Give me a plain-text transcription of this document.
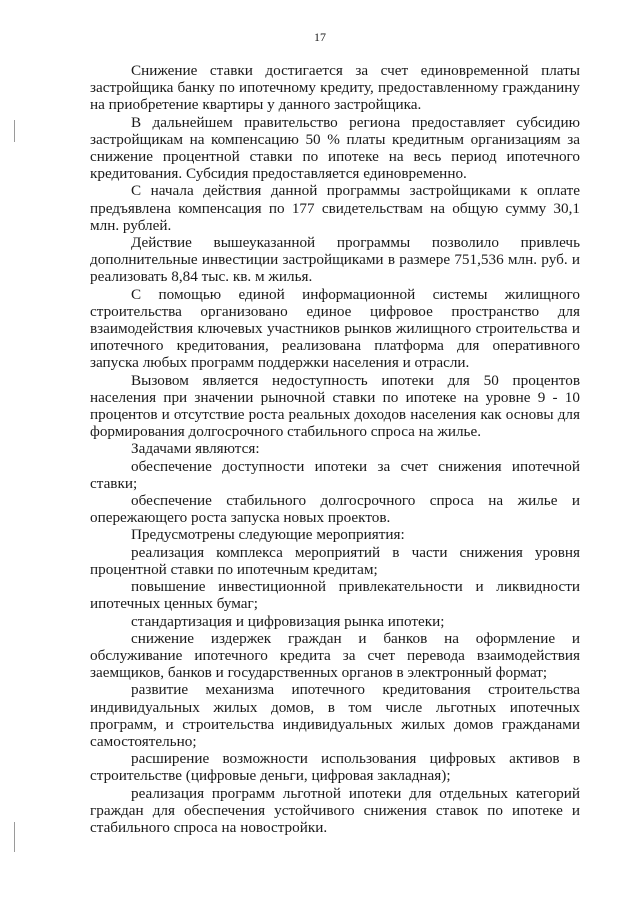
17

Снижение ставки достигается за счет единовременной платы застройщика банку по ипотечному кредиту, предоставленному гражданину на приобретение квартиры у данного застройщика.

В дальнейшем правительство региона предоставляет субсидию застройщикам на компенсацию 50 % платы кредитным организациям за снижение процентной ставки по ипотеке на весь период ипотечного кредитования. Субсидия предоставляется единовременно.

С начала действия данной программы застройщиками к оплате предъявлена компенсация по 177 свидетельствам на общую сумму 30,1 млн. рублей.

Действие вышеуказанной программы позволило привлечь дополнительные инвестиции застройщиками в размере 751,536 млн. руб. и реализовать 8,84 тыс. кв. м жилья.

С помощью единой информационной системы жилищного строительства организовано единое цифровое пространство для взаимодействия ключевых участников рынков жилищного строительства и ипотечного кредитования, реализована платформа для оперативного запуска любых программ поддержки населения и отрасли.

Вызовом является недоступность ипотеки для 50 процентов населения при значении рыночной ставки по ипотеке на уровне 9 - 10 процентов и отсутствие роста реальных доходов населения как основы для формирования долгосрочного стабильного спроса на жилье.

Задачами являются:

обеспечение доступности ипотеки за счет снижения ипотечной ставки;

обеспечение стабильного долгосрочного спроса на жилье и опережающего роста запуска новых проектов.

Предусмотрены следующие мероприятия:

реализация комплекса мероприятий в части снижения уровня процентной ставки по ипотечным кредитам;

повышение инвестиционной привлекательности и ликвидности ипотечных ценных бумаг;

стандартизация и цифровизация рынка ипотеки;

снижение издержек граждан и банков на оформление и обслуживание ипотечного кредита за счет перевода взаимодействия заемщиков, банков и государственных органов в электронный формат;

развитие механизма ипотечного кредитования строительства индивидуальных жилых домов, в том числе льготных ипотечных программ, и строительства индивидуальных жилых домов гражданами самостоятельно;

расширение возможности использования цифровых активов в строительстве (цифровые деньги, цифровая закладная);

реализация программ льготной ипотеки для отдельных категорий граждан для обеспечения устойчивого снижения ставок по ипотеке и стабильного спроса на новостройки.
